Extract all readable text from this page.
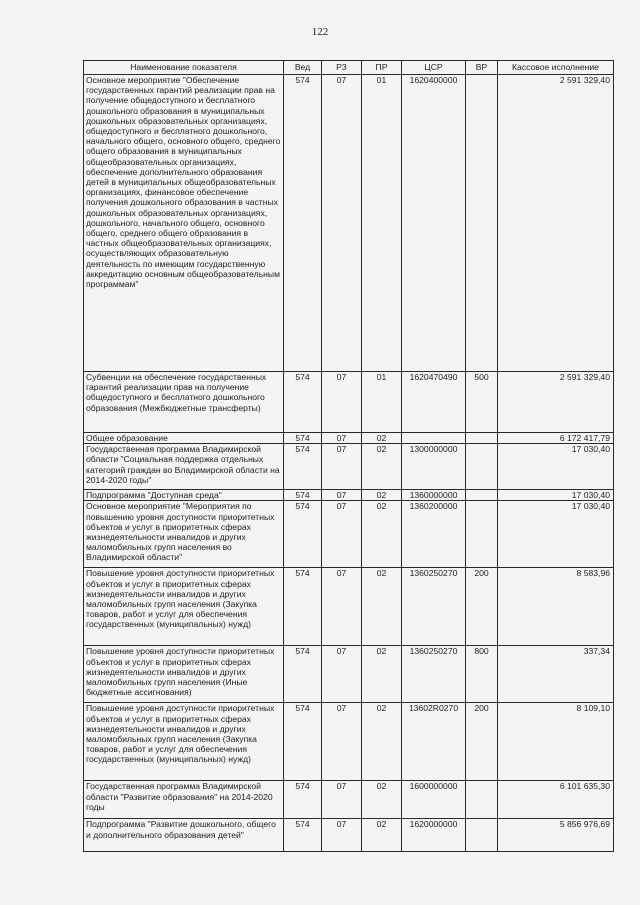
122
Наименование показателя	Вед	РЗ	ПР	ЦСР	ВР	Кассовое исполнение
Основное мероприятие "Обеспечение государственных гарантий реализации прав на получение общедоступного и бесплатного дошкольного образования в муниципальных дошкольных образовательных организациях, общедоступного и бесплатного дошкольного, начального общего, основного общего, среднего общего образования в муниципальных общеобразовательных организациях, обеспечение дополнительного образования детей в муниципальных общеобразовательных организациях, финансовое обеспечение получения дошкольного образования в частных дошкольных образовательных организациях, дошкольного, начального общего, основного общего, среднего общего образования в частных общеобразовательных организациях, осуществляющих образовательную деятельность по имеющим государственную аккредитацию основным общеобразовательным программам"	574	07	01	1620400000		2 591 329,40
Субвенции на обеспечение государственных гарантий реализации прав на получение общедоступного и бесплатного дошкольного образования (Межбюджетные трансферты)	574	07	01	1620470490	500	2 591 329,40
Общее образование	574	07	02			6 172 417,79
Государственная программа Владимирской области "Социальная поддержка отдельных категорий граждан во Владимирской области на 2014-2020 годы"	574	07	02	1300000000		17 030,40
Подпрограмма "Доступная среда"	574	07	02	1360000000		17 030,40
Основное мероприятие "Мероприятия по повышению уровня доступности приоритетных объектов и услуг в приоритетных сферах жизнедеятельности инвалидов и других маломобильных групп населения во Владимирской области"	574	07	02	1360200000		17 030,40
Повышение уровня доступности приоритетных объектов и услуг в приоритетных сферах жизнедеятельности инвалидов и других маломобильных групп населения (Закупка товаров, работ и услуг для обеспечения государственных (муниципальных) нужд)	574	07	02	1360250270	200	8 583,96
Повышение уровня доступности приоритетных объектов и услуг в приоритетных сферах жизнедеятельности инвалидов и других маломобильных групп населения (Иные бюджетные ассигнования)	574	07	02	1360250270	800	337,34
Повышение уровня доступности приоритетных объектов и услуг в приоритетных сферах жизнедеятельности инвалидов и других маломобильных групп населения (Закупка товаров, работ и услуг для обеспечения государственных (муниципальных) нужд)	574	07	02	13602R0270	200	8 109,10
Государственная программа Владимирской области "Развитие образования" на 2014-2020 годы	574	07	02	1600000000		6 101 635,30
Подпрограмма "Развитие дошкольного, общего и дополнительного образования детей"	574	07	02	1620000000		5 856 976,69
